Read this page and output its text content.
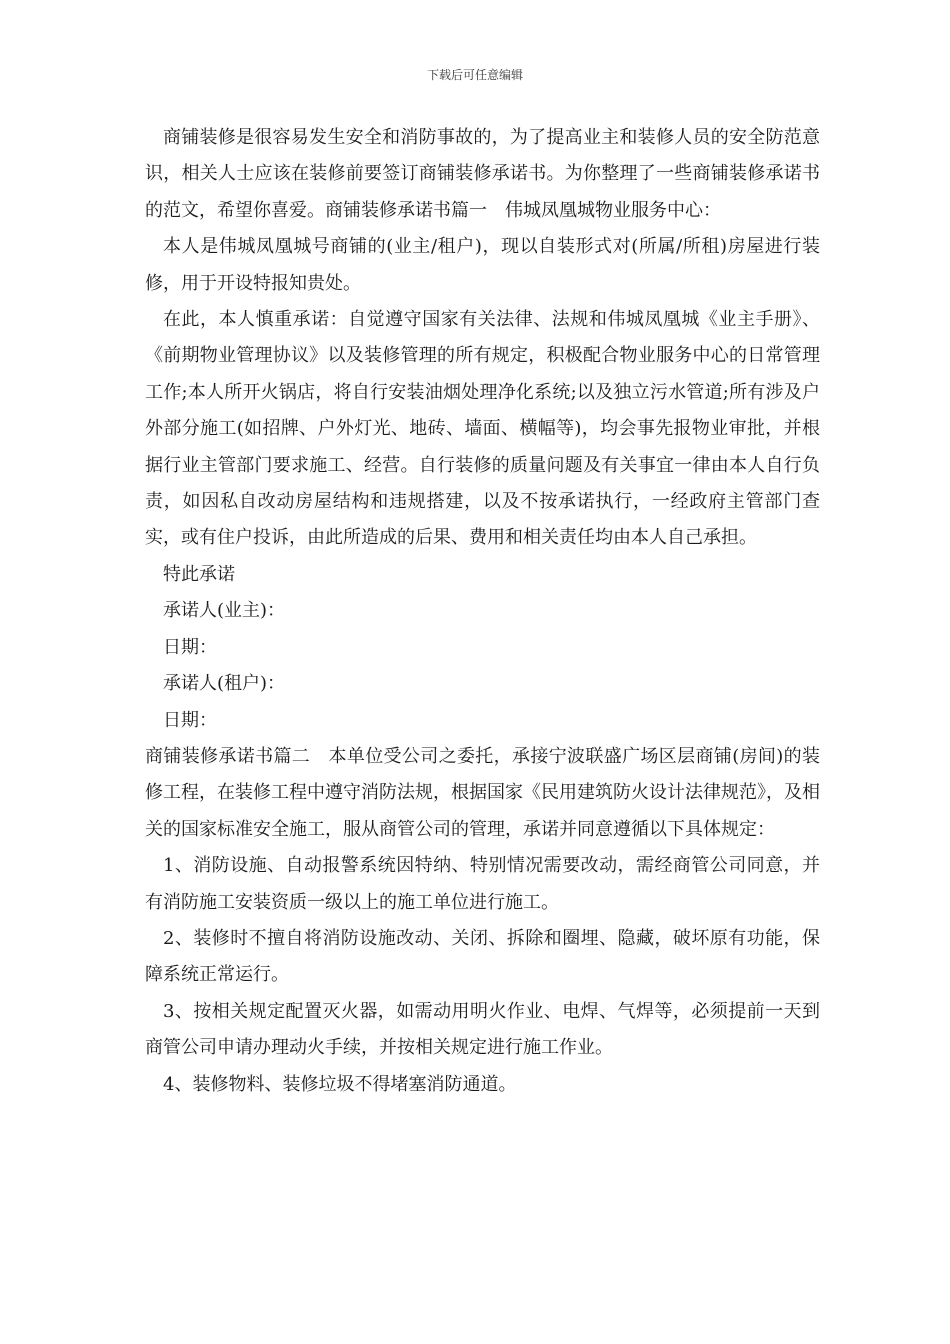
下载后可任意编辑

商铺装修是很容易发生安全和消防事故的，为了提高业主和装修人员的安全防范意识，相关人士应该在装修前要签订商铺装修承诺书。为你整理了一些商铺装修承诺书的范文，希望你喜爱。商铺装修承诺书篇一　伟城凤凰城物业服务中心：

本人是伟城凤凰城号商铺的(业主/租户)，现以自装形式对(所属/所租)房屋进行装修，用于开设特报知贵处。

在此，本人慎重承诺：自觉遵守国家有关法律、法规和伟城凤凰城《业主手册》、《前期物业管理协议》以及装修管理的所有规定，积极配合物业服务中心的日常管理工作;本人所开火锅店，将自行安装油烟处理净化系统;以及独立污水管道;所有涉及户外部分施工(如招牌、户外灯光、地砖、墙面、横幅等)，均会事先报物业审批，并根据行业主管部门要求施工、经营。自行装修的质量问题及有关事宜一律由本人自行负责，如因私自改动房屋结构和违规搭建，以及不按承诺执行，一经政府主管部门查实，或有住户投诉，由此所造成的后果、费用和相关责任均由本人自己承担。

特此承诺

承诺人(业主)：

日期：

承诺人(租户)：

日期：

商铺装修承诺书篇二　本单位受公司之委托，承接宁波联盛广场区层商铺(房间)的装修工程，在装修工程中遵守消防法规，根据国家《民用建筑防火设计法律规范》，及相关的国家标准安全施工，服从商管公司的管理，承诺并同意遵循以下具体规定：

1、消防设施、自动报警系统因特纳、特别情况需要改动，需经商管公司同意，并有消防施工安装资质一级以上的施工单位进行施工。

2、装修时不擅自将消防设施改动、关闭、拆除和圈埋、隐藏，破坏原有功能，保障系统正常运行。

3、按相关规定配置灭火器，如需动用明火作业、电焊、气焊等，必须提前一天到商管公司申请办理动火手续，并按相关规定进行施工作业。

4、装修物料、装修垃圾不得堵塞消防通道。
